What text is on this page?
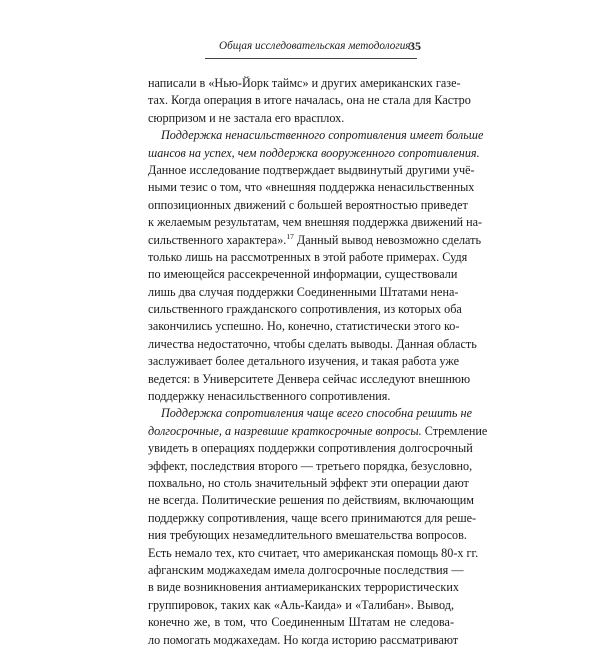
Общая исследовательская методология
35
написали в «Нью-Йорк таймс» и других американских газе-
тах. Когда операция в итоге началась, она не стала для Кастро
сюрпризом и не застала его врасплох.
Поддержка ненасильственного сопротивления имеет больше
шансов на успех, чем поддержка вооруженного сопротивления.
Данное исследование подтверждает выдвинутый другими учё-
ными тезис о том, что «внешняя поддержка ненасильственных
оппозиционных движений с большей вероятностью приведет
к желаемым результатам, чем внешняя поддержка движений на-
сильственного характера».$^{17}$ Данный вывод невозможно сделать
только лишь на рассмотренных в этой работе примерах. Судя
по имеющейся рассекреченной информации, существовали
лишь два случая поддержки Соединенными Штатами нена-
сильственного гражданского сопротивления, из которых оба
закончились успешно. Но, конечно, статистически этого ко-
личества недостаточно, чтобы сделать выводы. Данная область
заслуживает более детального изучения, и такая работа уже
ведется: в Университете Денвера сейчас исследуют внешнюю
поддержку ненасильственного сопротивления.
Поддержка сопротивления чаще всего способна решить не
долгосрочные, а назревшие краткосрочные вопросы. Стремление
увидеть в операциях поддержки сопротивления долгосрочный
эффект, последствия второго — третьего порядка, безусловно,
похвально, но столь значительный эффект эти операции дают
не всегда. Политические решения по действиям, включающим
поддержку сопротивления, чаще всего принимаются для реше-
ния требующих незамедлительного вмешательства вопросов.
Есть немало тех, кто считает, что американская помощь 80-х гг.
афганским моджахедам имела долгосрочные последствия —
в виде возникновения антиамериканских террористических
группировок, таких как «Аль-Каида» и «Талибан». Вывод,
конечно же, в том, что Соединенным Штатам не следова-
ло помогать моджахедам. Но когда историю рассматривают
